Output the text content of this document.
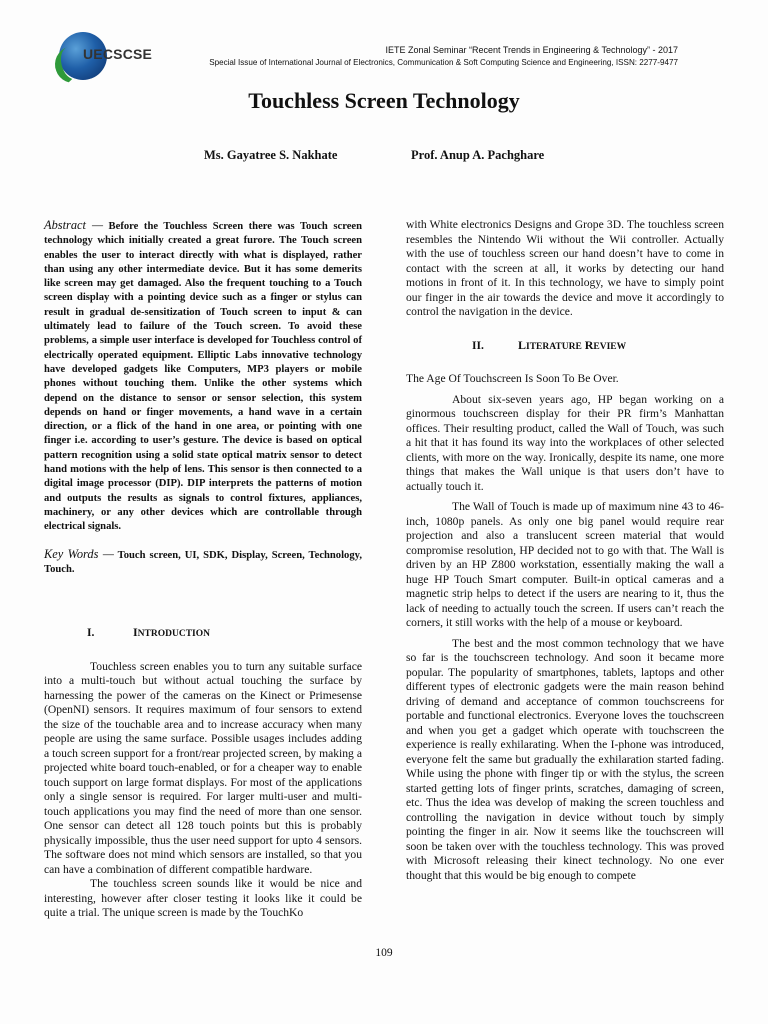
UECSCSE	IETE Zonal Seminar “Recent Trends in Engineering & Technology” - 2017
Special Issue of International Journal of Electronics, Communication & Soft Computing Science and Engineering, ISSN: 2277-9477
Touchless Screen Technology
Ms. Gayatree S. Nakhate	Prof. Anup A. Pachghare

Abstract — Before the Touchless Screen there was Touch screen technology which initially created a great furore. The Touch screen enables the user to interact directly with what is displayed, rather than using any other intermediate device. But it has some demerits like screen may get damaged. Also the frequent touching to a Touch screen display with a pointing device such as a finger or stylus can result in gradual de-sensitization of Touch screen to input & can ultimately lead to failure of the Touch screen. To avoid these problems, a simple user interface is developed for Touchless control of electrically operated equipment. Elliptic Labs innovative technology have developed gadgets like Computers, MP3 players or mobile phones without touching them. Unlike the other systems which depend on the distance to sensor or sensor selection, this system depends on hand or finger movements, a hand wave in a certain direction, or a flick of the hand in one area, or pointing with one finger i.e. according to user’s gesture. The device is based on optical pattern recognition using a solid state optical matrix sensor to detect hand motions with the help of lens. This sensor is then connected to a digital image processor (DIP). DIP interprets the patterns of motion and outputs the results as signals to control fixtures, appliances, machinery, or any other devices which are controllable through electrical signals.

Key Words — Touch screen, UI, SDK, Display, Screen, Technology, Touch.

I.	INTRODUCTION

Touchless screen enables you to turn any suitable surface into a multi-touch but without actual touching the surface by harnessing the power of the cameras on the Kinect or Primesense (OpenNI) sensors. It requires maximum of four sensors to extend the size of the touchable area and to increase accuracy when many people are using the same surface. Possible usages includes adding a touch screen support for a front/rear projected screen, by making a projected white board touch-enabled, or for a cheaper way to enable touch support on large format displays. For most of the applications only a single sensor is required. For larger multi-user and multi-touch applications you may find the need of more than one sensor. One sensor can detect all 128 touch points but this is probably physically impossible, thus the user need support for upto 4 sensors. The software does not mind which sensors are installed, so that you can have a combination of different compatible hardware.

The touchless screen sounds like it would be nice and interesting, however after closer testing it looks like it could be quite a trial. The unique screen is made by the TouchKo

with White electronics Designs and Grope 3D. The touchless screen resembles the Nintendo Wii without the Wii controller. Actually with the use of touchless screen our hand doesn’t have to come in contact with the screen at all, it works by detecting our hand motions in front of it. In this technology, we have to simply point our finger in the air towards the device and move it accordingly to control the navigation in the device.

II.	LITERATURE REVIEW

The Age Of Touchscreen Is Soon To Be Over.

About six-seven years ago, HP began working on a ginormous touchscreen display for their PR firm’s Manhattan offices. Their resulting product, called the Wall of Touch, was such a hit that it has found its way into the workplaces of other selected clients, with more on the way. Ironically, despite its name, one more things that makes the Wall unique is that users don’t have to actually touch it.

The Wall of Touch is made up of maximum nine 43 to 46-inch, 1080p panels. As only one big panel would require rear projection and also a translucent screen material that would compromise resolution, HP decided not to go with that. The Wall is driven by an HP Z800 workstation, essentially making the wall a huge HP Touch Smart computer. Built-in optical cameras and a magnetic strip helps to detect if the users are nearing to it, thus the lack of needing to actually touch the screen. If users can’t reach the corners, it still works with the help of a mouse or keyboard.

The best and the most common technology that we have so far is the touchscreen technology. And soon it became more popular. The popularity of smartphones, tablets, laptops and other different types of electronic gadgets were the main reason behind driving of demand and acceptance of common touchscreens for portable and functional electronics. Everyone loves the touchscreen and when you get a gadget which operate with touchscreen the experience is really exhilarating. When the I-phone was introduced, everyone felt the same but gradually the exhilaration started fading. While using the phone with finger tip or with the stylus, the screen started getting lots of finger prints, scratches, damaging of screen, etc. Thus the idea was develop of making the screen touchless and controlling the navigation in device without touch by simply pointing the finger in air. Now it seems like the touchscreen will soon be taken over with the touchless technology. This was proved with Microsoft releasing their kinect technology. No one ever thought that this would be big enough to compete

109
